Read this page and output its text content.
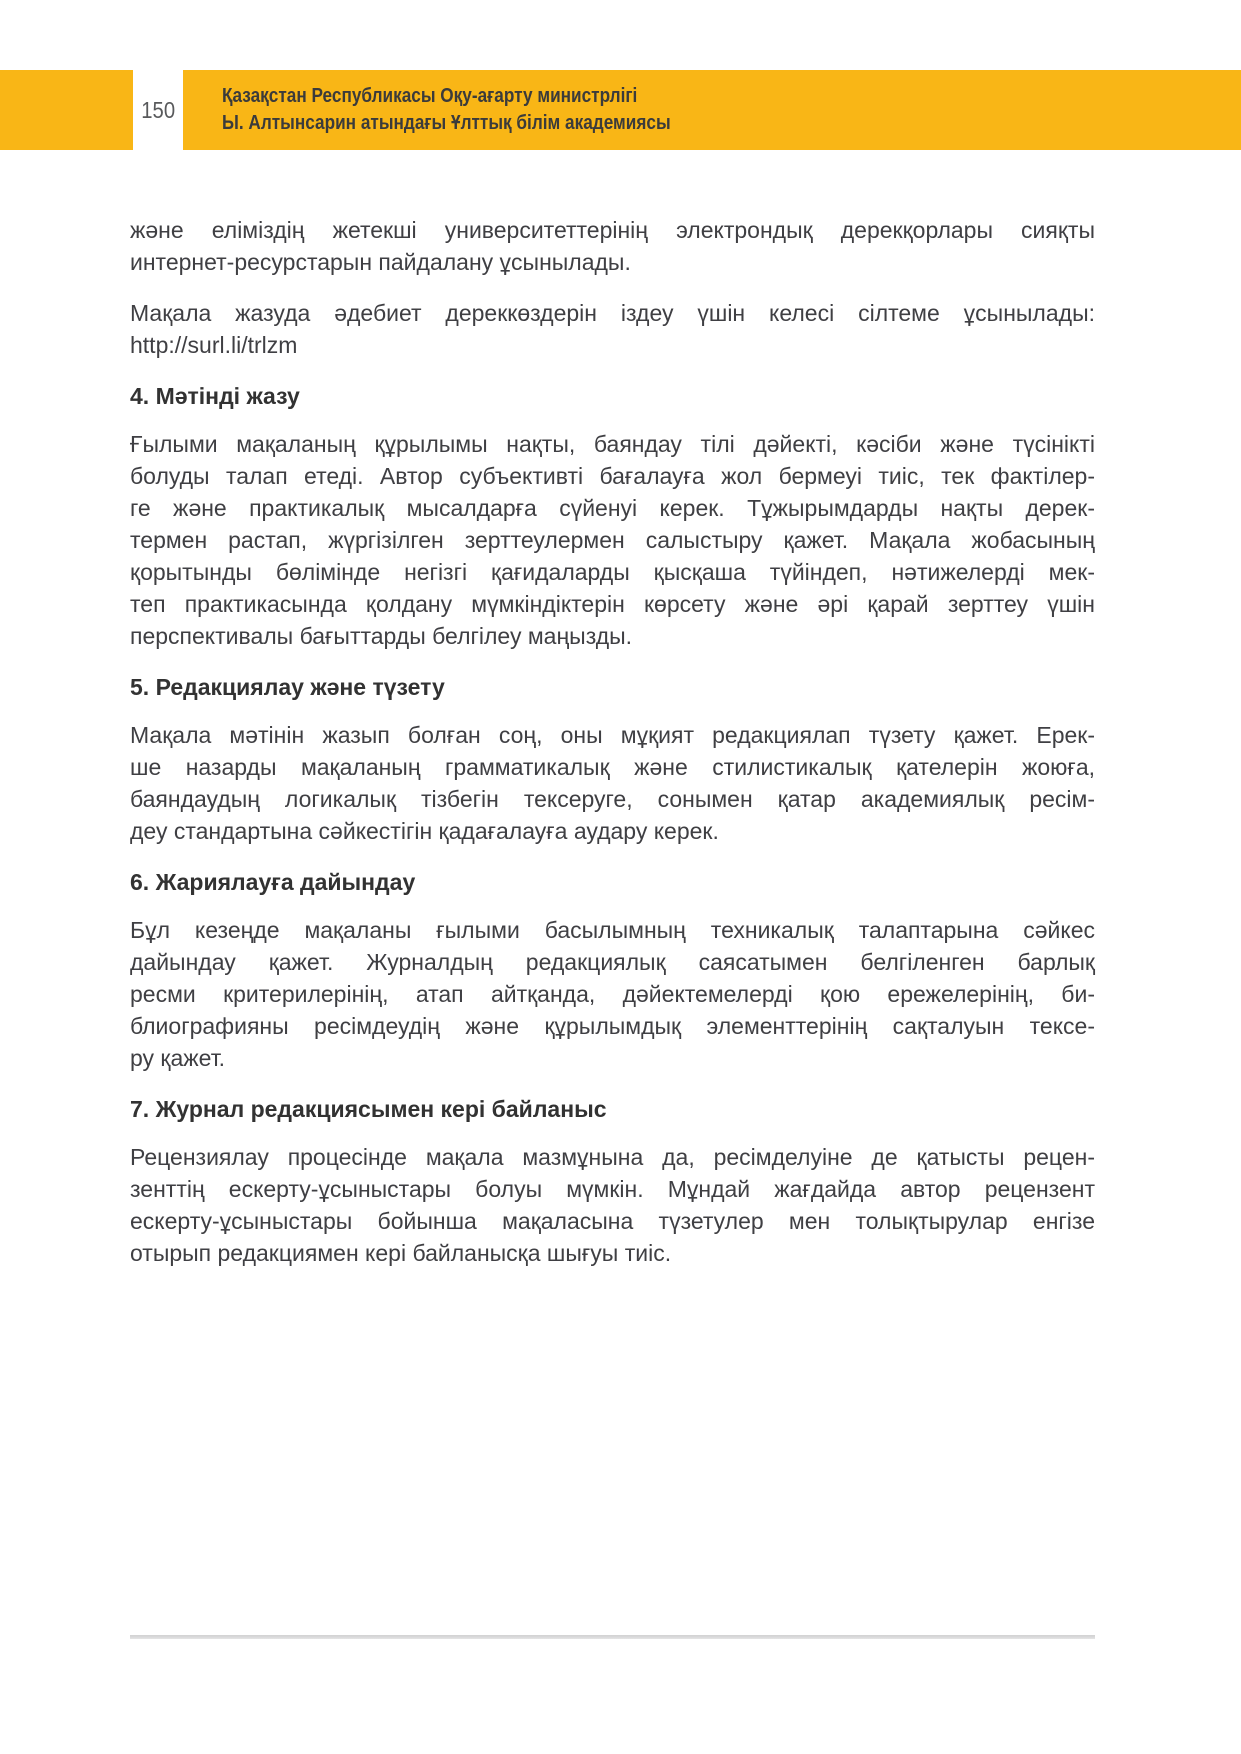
150
Қазақстан Республикасы Оқу-ағарту министрлігі
Ы. Алтынсарин атындағы Ұлттық білім академиясы

және еліміздің жетекші университеттерінің электрондық дерекқорлары сияқты
интернет-ресурстарын пайдалану ұсынылады.

Мақала жазуда әдебиет дереккөздерін іздеу үшін келесі сілтеме ұсынылады:
http://surl.li/trlzm

4. Мәтінді жазу

Ғылыми мақаланың құрылымы нақты, баяндау тілі дәйекті, кәсіби және түсінікті
болуды талап етеді. Автор субъективті бағалауға жол бермеуі тиіс, тек фактілер-
ге және практикалық мысалдарға сүйенуі керек. Тұжырымдарды нақты дерек-
термен растап, жүргізілген зерттеулермен салыстыру қажет. Мақала жобасының
қорытынды бөлімінде негізгі қағидаларды қысқаша түйіндеп, нәтижелерді мек-
теп практикасында қолдану мүмкіндіктерін көрсету және әрі қарай зерттеу үшін
перспективалы бағыттарды белгілеу маңызды.

5. Редакциялау және түзету

Мақала мәтінін жазып болған соң, оны мұқият редакциялап түзету қажет. Ерек-
ше назарды мақаланың грамматикалық және стилистикалық қателерін жоюға,
баяндаудың логикалық тізбегін тексеруге, сонымен қатар академиялық ресім-
деу стандартына сәйкестігін қадағалауға аудару керек.

6. Жариялауға дайындау

Бұл кезеңде мақаланы ғылыми басылымның техникалық талаптарына сәйкес
дайындау қажет. Журналдың редакциялық саясатымен белгіленген барлық
ресми критерилерінің, атап айтқанда, дәйектемелерді қою ережелерінің, би-
блиографияны ресімдеудің және құрылымдық элементтерінің сақталуын тексе-
ру қажет.

7. Журнал редакциясымен кері байланыс

Рецензиялау процесінде мақала мазмұнына да, ресімделуіне де қатысты рецен-
зенттің ескерту-ұсыныстары болуы мүмкін. Мұндай жағдайда автор рецензент
ескерту-ұсыныстары бойынша мақаласына түзетулер мен толықтырулар енгізе
отырып редакциямен кері байланысқа шығуы тиіс.
